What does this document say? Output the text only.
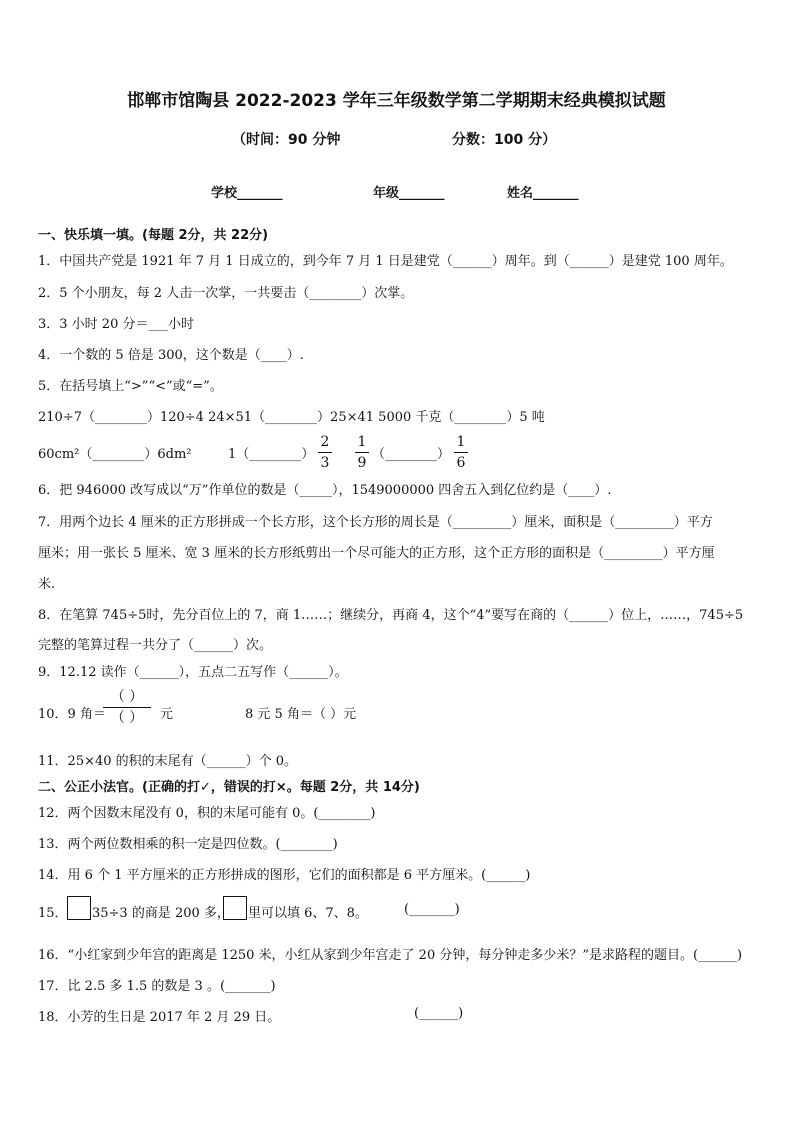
邯郸市馆陶县 2022-2023 学年三年级数学第二学期期末经典模拟试题
（时间：90 分钟	分数：100 分）
学校_______	年级_______	姓名_______
一、快乐填一填。(每题 2分，共 22分)
1．中国共产党是 1921 年 7 月 1 日成立的，到今年 7 月 1 日是建党（______）周年。到（______）是建党 100 周年。
2．5 个小朋友，每 2 人击一次掌，一共要击（________）次掌。
3．3 小时 20 分＝___小时
4．一个数的 5 倍是 300，这个数是（____）.
5．在括号填上“>”“<”或“=”。
210÷7（________）120÷4 24×51（________）25×41 5000 千克（________）5 吨
60cm²（________）6dm²	1（________）
2
3
1
9
（________）
1
6
6．把 946000 改写成以“万”作单位的数是（_____），1549000000 四舍五入到亿位约是（____）.
7．用两个边长 4 厘米的正方形拼成一个长方形，这个长方形的周长是（_________）厘米，面积是（_________）平方
厘米；用一张长 5 厘米、宽 3 厘米的长方形纸剪出一个尽可能大的正方形，这个正方形的面积是（_________）平方厘
米.
8．在笔算 745÷5时，先分百位上的 7，商 1……；继续分，再商 4，这个“4”要写在商的（______）位上，……，745÷5
完整的笔算过程一共分了（______）次。
9．12.12 读作（______），五点二五写作（______）。
10．9 角＝
（ ）
（ ）	元	8 元 5 角＝（ ）元
11．25×40 的积的末尾有（______）个 0。
二、公正小法官。(正确的打✓，错误的打×。每题 2分，共 14分)
12．两个因数末尾没有 0，积的末尾可能有 0。(________)
13．两个两位数相乘的积一定是四位数。(________)
14．用 6 个 1 平方厘米的正方形拼成的图形，它们的面积都是 6 平方厘米。(______)
15． 35÷3 的商是 200 多， 里可以填 6、7、8。	(_______)
16．“小红家到少年宫的距离是 1250 米，小红从家到少年宫走了 20 分钟，每分钟走多少米？”是求路程的题目。(______)
17．比 2.5 多 1.5 的数是 3 。(_______)
18．小芳的生日是 2017 年 2 月 29 日。	(______)
